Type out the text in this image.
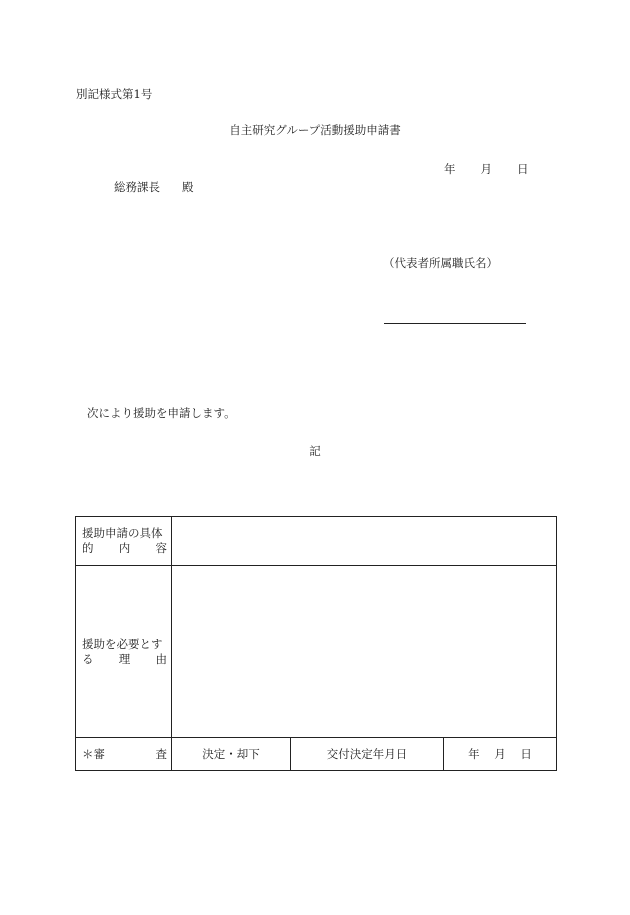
別記様式第1号
自主研究グループ活動援助申請書
年 月 日
総務課長 殿
（代表者所属職氏名）
次により援助を申請します。
記
援助申請の具体
的 内 容			

援助を必要とす
る 理 由			

＊審 査	決定・却下	交付決定年月日	年 月 日
